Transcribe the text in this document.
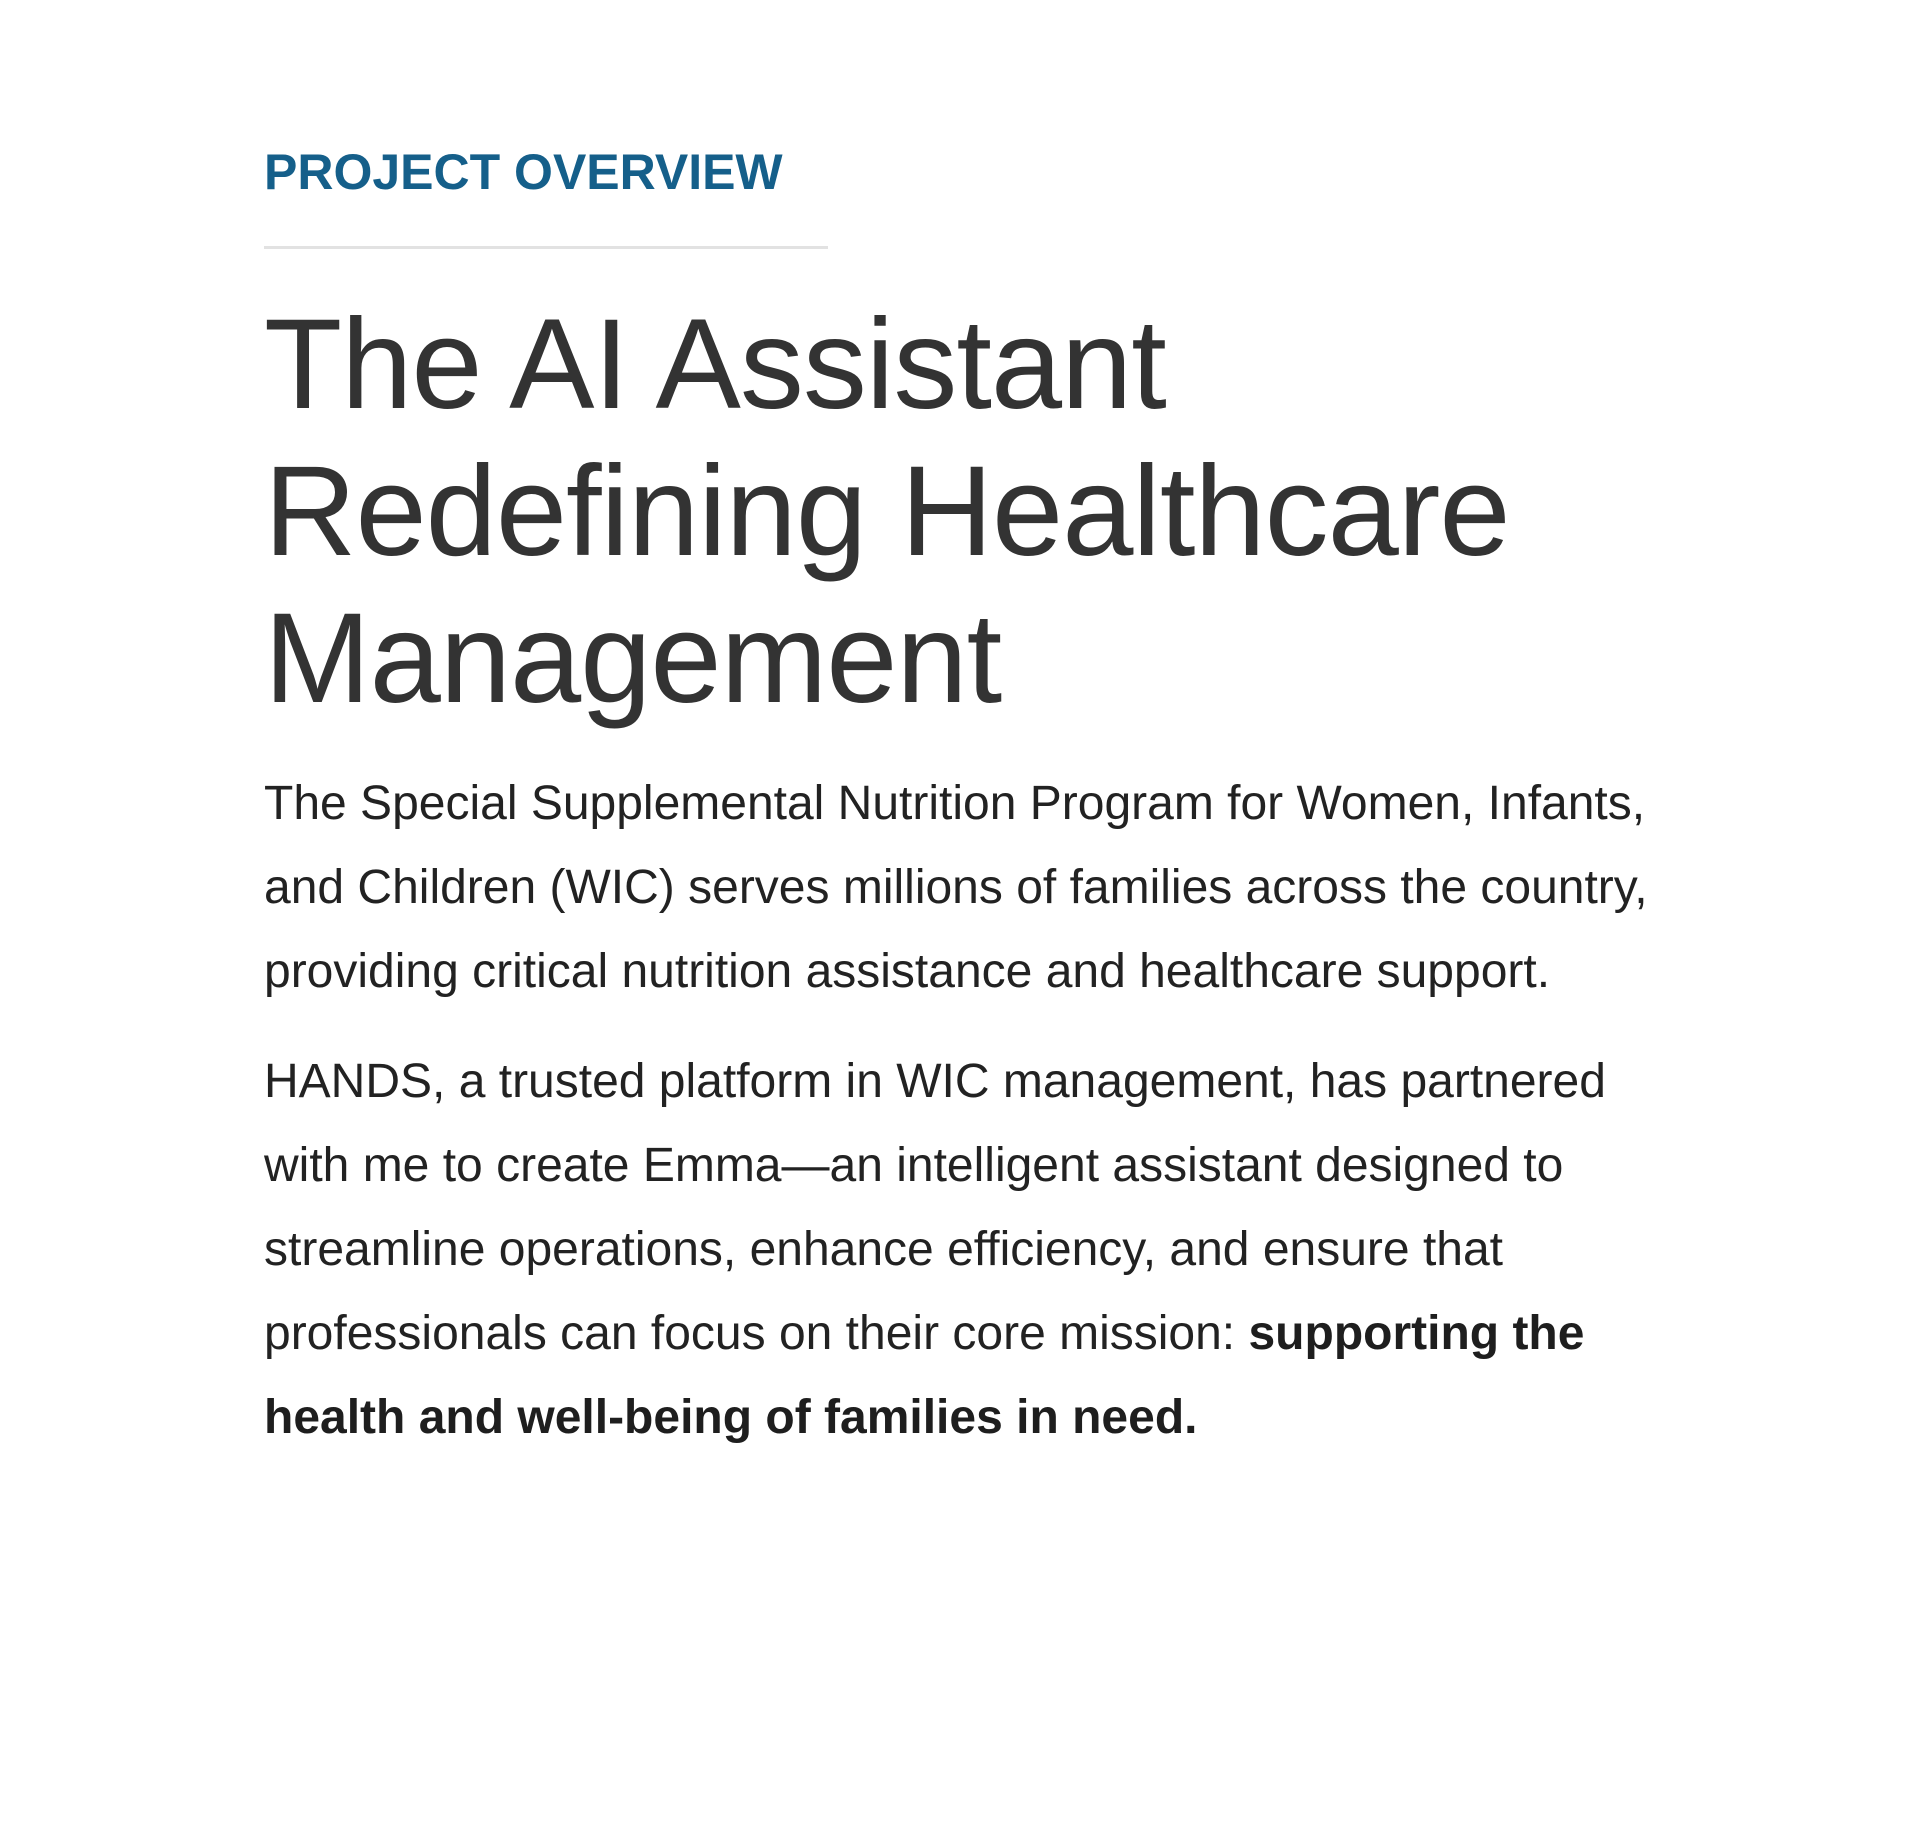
PROJECT OVERVIEW
The AI Assistant
Redefining Healthcare
Management

The Special Supplemental Nutrition Program for Women, Infants, and Children (WIC) serves millions of families across the country, providing critical nutrition assistance and healthcare support.

HANDS, a trusted platform in WIC management, has partnered with me to create Emma—an intelligent assistant designed to streamline operations, enhance efficiency, and ensure that professionals can focus on their core mission: supporting the health and well-being of families in need.
